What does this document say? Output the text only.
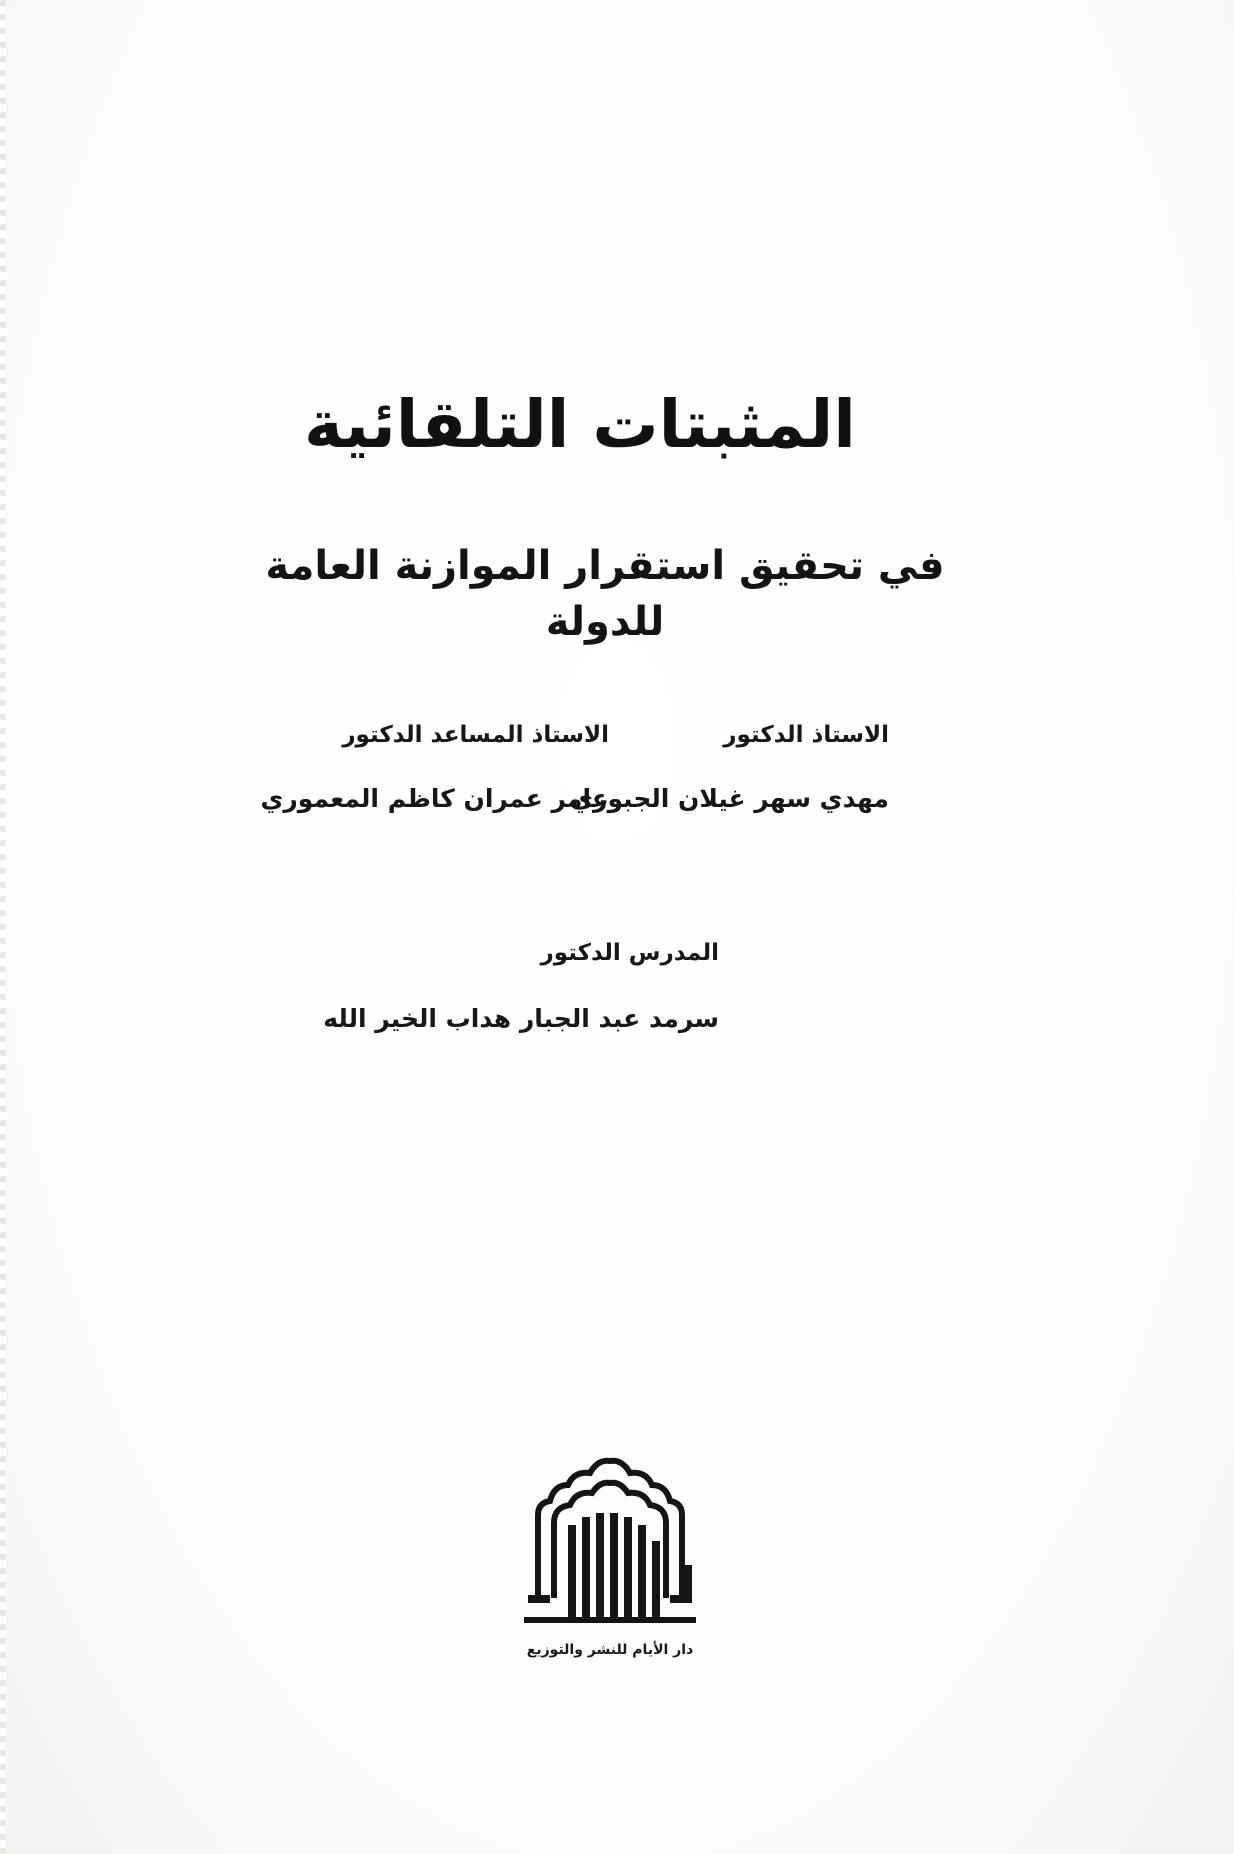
المثبتات التلقائية
في تحقيق استقرار الموازنة العامة للدولة
الاستاذ الدكتور
مهدي سهر غيلان الجبوري
الاستاذ المساعد الدكتور
عامر عمران كاظم المعموري
المدرس الدكتور
سرمد عبد الجبار هداب الخير الله
دار الأيام للنشر والتوزيع
